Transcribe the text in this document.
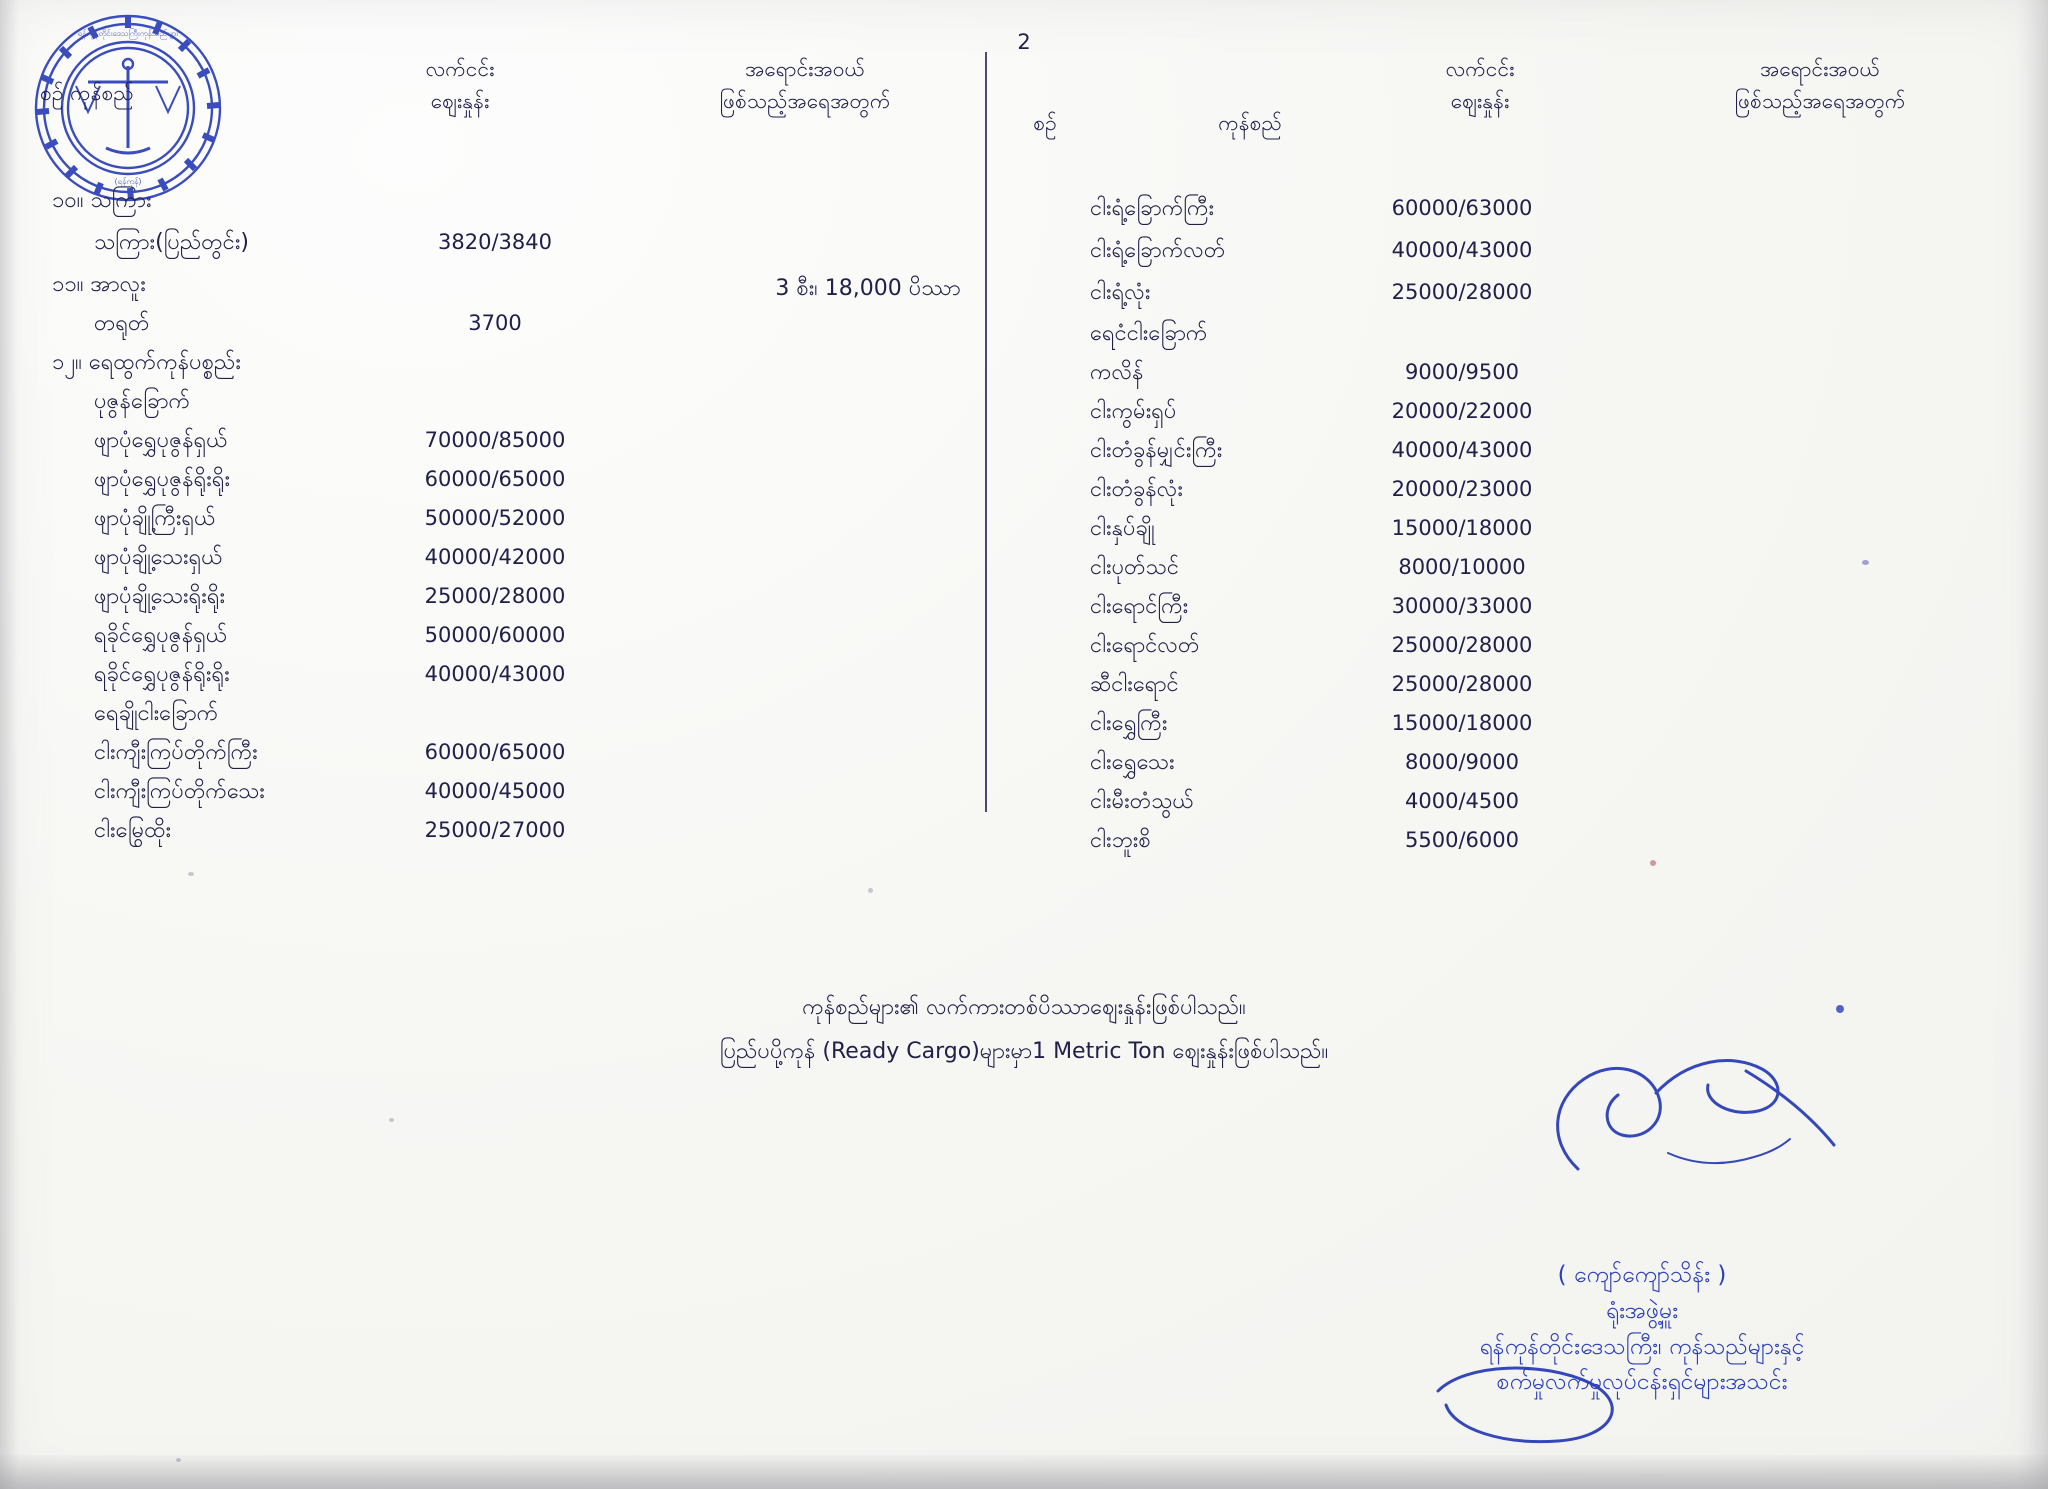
ရန်ကုန်တိုင်းဒေသကြီးကုန်သည်များ
(ရန်ကုန်)
2
စဉ် ကုန်စည်
လက်ငင်း
ဈေးနှုန်း
အရောင်းအဝယ်
ဖြစ်သည့်အရေအတွက်
စဉ်	ကုန်စည်
လက်ငင်း
ဈေးနှုန်း
အရောင်းအဝယ်
ဖြစ်သည့်အရေအတွက်
၁၀။ သကြား
သကြား(ပြည်တွင်း)
၁၁။ အာလူး
တရုတ်
၁၂။ ရေထွက်ကုန်ပစ္စည်း
ပုဇွန်ခြောက်
ဖျာပုံရွှေပုဇွန်ရှယ်
ဖျာပုံရွှေပုဇွန်ရိုးရိုး
ဖျာပုံချို့ကြီးရှယ်
ဖျာပုံချို့သေးရှယ်
ဖျာပုံချို့သေးရိုးရိုး
ရခိုင်ရွှေပုဇွန်ရှယ်
ရခိုင်ရွှေပုဇွန်ရိုးရိုး
ရေချိုငါးခြောက်
ငါးကျီးကြပ်တိုက်ကြီး
ငါးကျီးကြပ်တိုက်သေး
ငါးမြွေထိုး
3820/3840
3700
70000/85000
60000/65000
50000/52000
40000/42000
25000/28000
50000/60000
40000/43000
60000/65000
40000/45000
25000/27000
3 စီး၊ 18,000 ပိဿာ
ငါးရံ့ခြောက်ကြီး
ငါးရံ့ခြောက်လတ်
ငါးရံ့လုံး
ရေငံငါးခြောက်
ကလိန်
ငါးကွမ်းရှပ်
ငါးတံခွန်မျှင်းကြီး
ငါးတံခွန်လုံး
ငါးနှပ်ချို
ငါးပုတ်သင်
ငါးရောင်ကြီး
ငါးရောင်လတ်
ဆီငါးရောင်
ငါးရွှေကြီး
ငါးရွှေသေး
ငါးမီးတံသွယ်
ငါးဘူးစိ
60000/63000
40000/43000
25000/28000
9000/9500
20000/22000
40000/43000
20000/23000
15000/18000
8000/10000
30000/33000
25000/28000
25000/28000
15000/18000
8000/9000
4000/4500
5500/6000
ကုန်စည်များ၏ လက်ကားတစ်ပိဿာဈေးနှုန်းဖြစ်ပါသည်။
ပြည်ပပို့ကုန် (Ready Cargo)များမှာ1 Metric Ton ဈေးနှုန်းဖြစ်ပါသည်။
( ကျော်ကျော်သိန်း )
ရုံးအဖွဲ့မှူး
ရန်ကုန်တိုင်းဒေသကြီး၊ ကုန်သည်များနှင့်
စက်မှုလက်မှုလုပ်ငန်းရှင်များအသင်း
